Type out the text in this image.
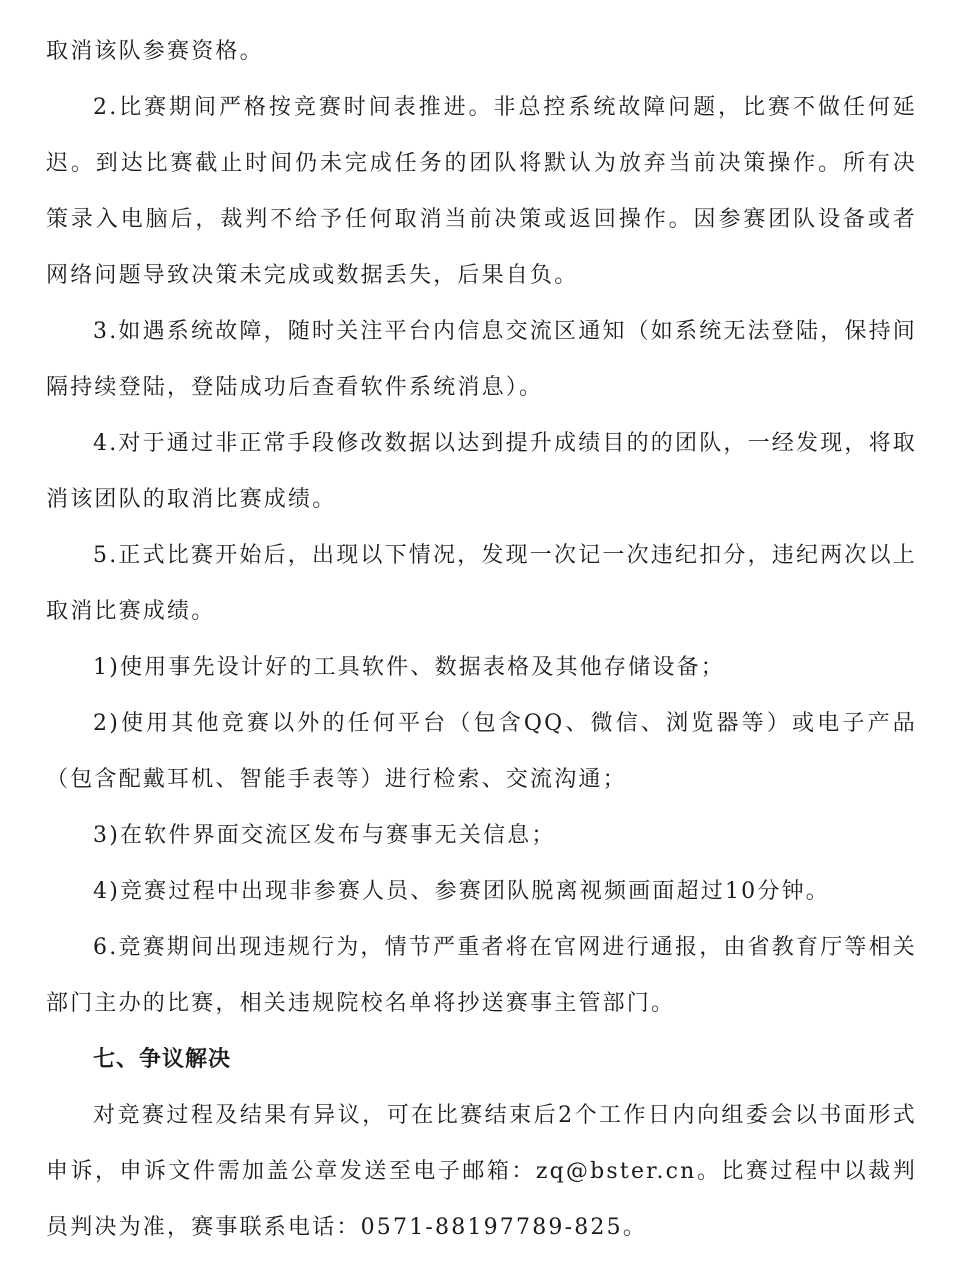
取消该队参赛资格。

2.比赛期间严格按竞赛时间表推进。非总控系统故障问题，比赛不做任何延迟。到达比赛截止时间仍未完成任务的团队将默认为放弃当前决策操作。所有决策录入电脑后，裁判不给予任何取消当前决策或返回操作。因参赛团队设备或者网络问题导致决策未完成或数据丢失，后果自负。

3.如遇系统故障，随时关注平台内信息交流区通知（如系统无法登陆，保持间隔持续登陆，登陆成功后查看软件系统消息）。

4.对于通过非正常手段修改数据以达到提升成绩目的的团队，一经发现，将取消该团队的取消比赛成绩。

5.正式比赛开始后，出现以下情况，发现一次记一次违纪扣分，违纪两次以上取消比赛成绩。

1)使用事先设计好的工具软件、数据表格及其他存储设备；

2)使用其他竞赛以外的任何平台（包含QQ、微信、浏览器等）或电子产品（包含配戴耳机、智能手表等）进行检索、交流沟通；

3)在软件界面交流区发布与赛事无关信息；

4)竞赛过程中出现非参赛人员、参赛团队脱离视频画面超过10分钟。

6.竞赛期间出现违规行为，情节严重者将在官网进行通报，由省教育厅等相关部门主办的比赛，相关违规院校名单将抄送赛事主管部门。

七、争议解决

对竞赛过程及结果有异议，可在比赛结束后2个工作日内向组委会以书面形式申诉，申诉文件需加盖公章发送至电子邮箱：zq@bster.cn。比赛过程中以裁判员判决为准，赛事联系电话：0571-88197789-825。
